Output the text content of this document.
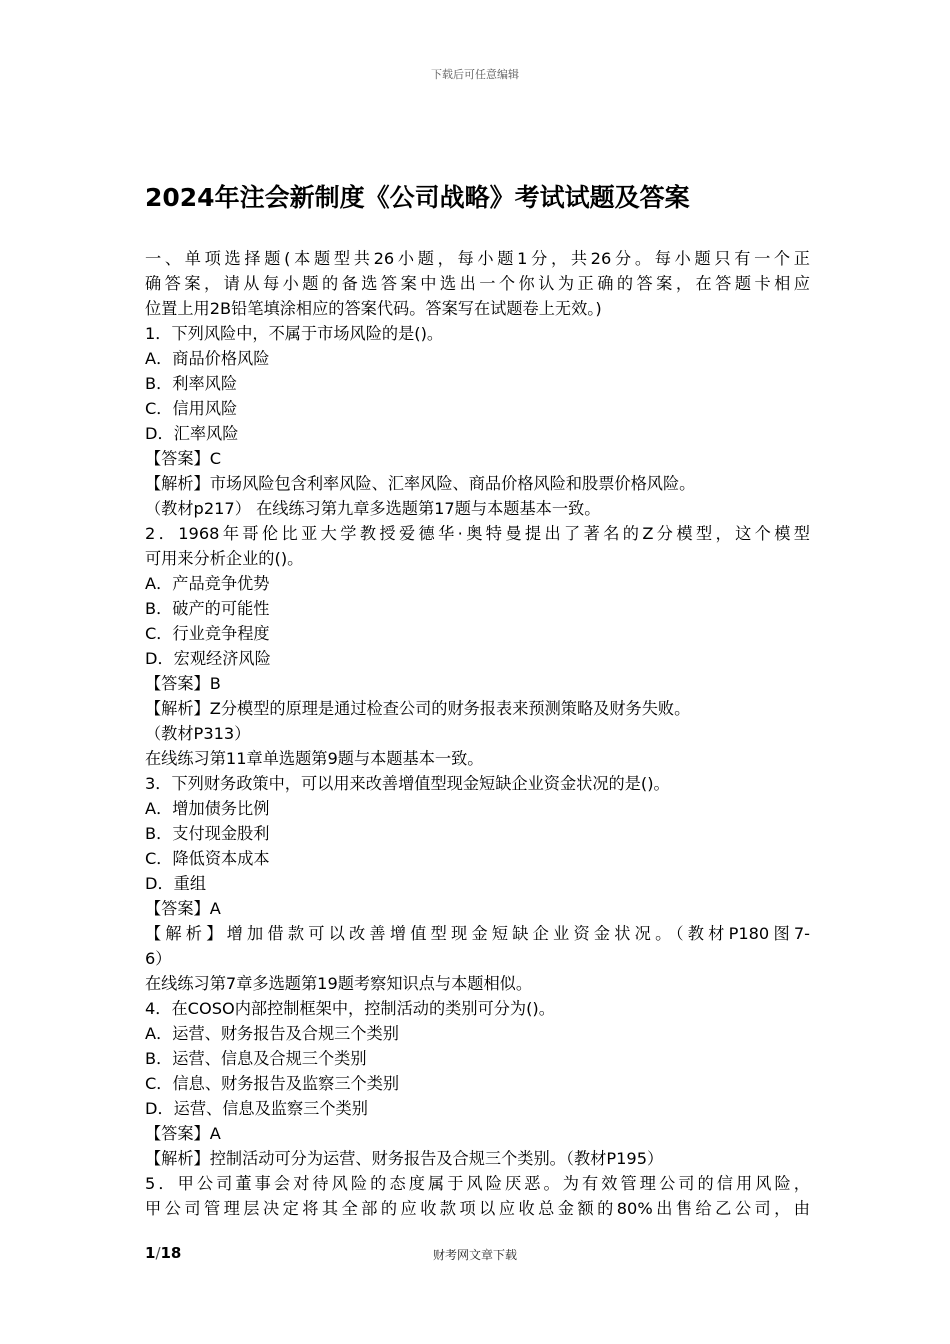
下载后可任意编辑
2024年注会新制度《公司战略》考试试题及答案
一、单项选择题(本题型共26小题，每小题1分，共26分。每小题只有一个正
确答案，请从每小题的备选答案中选出一个你认为正确的答案，在答题卡相应
位置上用2B铅笔填涂相应的答案代码。答案写在试题卷上无效。)
1．下列风险中，不属于市场风险的是()。
A．商品价格风险
B．利率风险
C．信用风险
D．汇率风险
【答案】C
【解析】市场风险包含利率风险、汇率风险、商品价格风险和股票价格风险。
（教材p217） 在线练习第九章多选题第17题与本题基本一致。
2．1968年哥伦比亚大学教授爱德华·奥特曼提出了著名的Z分模型，这个模型
可用来分析企业的()。
A．产品竞争优势
B．破产的可能性
C．行业竞争程度
D．宏观经济风险
【答案】B
【解析】Z分模型的原理是通过检查公司的财务报表来预测策略及财务失败。
（教材P313）
在线练习第11章单选题第9题与本题基本一致。
3．下列财务政策中，可以用来改善增值型现金短缺企业资金状况的是()。
A．增加债务比例
B．支付现金股利
C．降低资本成本
D．重组
【答案】A
【解析】增加借款可以改善增值型现金短缺企业资金状况。（教材P180图7-
6）
在线练习第7章多选题第19题考察知识点与本题相似。
4．在COSO内部控制框架中，控制活动的类别可分为()。
A．运营、财务报告及合规三个类别
B．运营、信息及合规三个类别
C．信息、财务报告及监察三个类别
D．运营、信息及监察三个类别
【答案】A
【解析】控制活动可分为运营、财务报告及合规三个类别。（教材P195）
5．甲公司董事会对待风险的态度属于风险厌恶。为有效管理公司的信用风险，
甲公司管理层决定将其全部的应收款项以应收总金额的80%出售给乙公司，由
1/18	财考网文章下载
